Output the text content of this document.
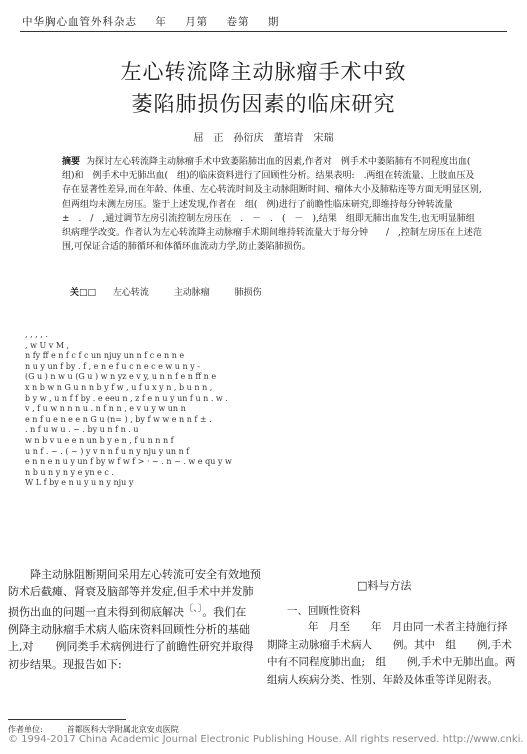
中华胸心血管外科杂志 年 月第 卷第 期
左心转流降主动脉瘤手术中致
萎陷肺损伤因素的临床研究
屈　正　孙衍庆　董培青　宋瑞
摘要 为探讨左心转流降主动脉瘤手术中致萎陷肺出血的因素,作者对　例手术中萎陷肺有不同程度出血(　组)和　例手术中无肺出血(　组)的临床资料进行了回顾性分析。结果表明:　.两组在转流量、上肢血压及　　存在显著性差异,而在年龄、体重、左心转流时间及主动脉阻断时间、瘤体大小及肺粘连等方面无明显区别,但两组均未测左房压。鉴于上述发现,作者在　组(　例)进行了前瞻性临床研究,即维持每分钟转流量　　±　.　/　,通过调节左房引流控制左房压在　.　－　.　(　－　),结果　组即无肺出血发生,也无明显肺组织病理学改变。作者认为左心转流降主动脉瘤手术期间维持转流量大于每分钟　　/　,控制左房压在上述范围,可保证合适的肺循环和体循环血流动力学,防止萎陷肺损伤。
关□□ 左心转流	主动脉瘤	肺损伤
, , , , .
, w U v M ,
n fy ff e n f c f c un njuy un n f c e n n e
n u y un f by . f , e n e f u c n e c e w u n y -
(G u ) n w u (G u ) w n yz e v y, u n n f e n ff n e
x n b w n G u n n b y f w , u f u x y n , b u n n ,
b y w , u n f f by . e eeu n , z f e n u y un f u n . w .
v , f u w n n n u . n f n n , e v u y w un n
e n f u e n e e n G u (n= ) , by f w w e n n f ± .
. n f u w u . ~ . by u n f n . u
w n b v u e e n un b y e n , f u n n n f
u n f . ~ . ( ~ ) y v n n f u n y nju y un n f
e n n e n u y un f by w f w f > · ~ . n ~ . w e qu y w
n b u n y n y e yn e c .
W L f by e n u y u n y nju y

降主动脉阻断期间采用左心转流可安全有效地预防术后截瘫、肾衰及脑部等并发症,但手术中并发肺损伤出血的问题一直未得到彻底解决〔、〕。我们在　　例降主动脉瘤手术病人临床资料回顾性分析的基础上,对　　例同类手术病例进行了前瞻性研究并取得初步结果。现报告如下:

□料与方法
一、回顾性资料

　　年　月至　　年　月由同一术者主持施行择期降主动脉瘤手术病人　　例。其中　组　　例,手术中有不同程度肺出血;　组　　例,手术中无肺出血。两组病人疾病分类、性别、年龄及体重等详见附表。

作者单位:　　　首都医科大学附属北京安贞医院
© 1994-2017 China Academic Journal Electronic Publishing House. All rights reserved. http://www.cnki.
